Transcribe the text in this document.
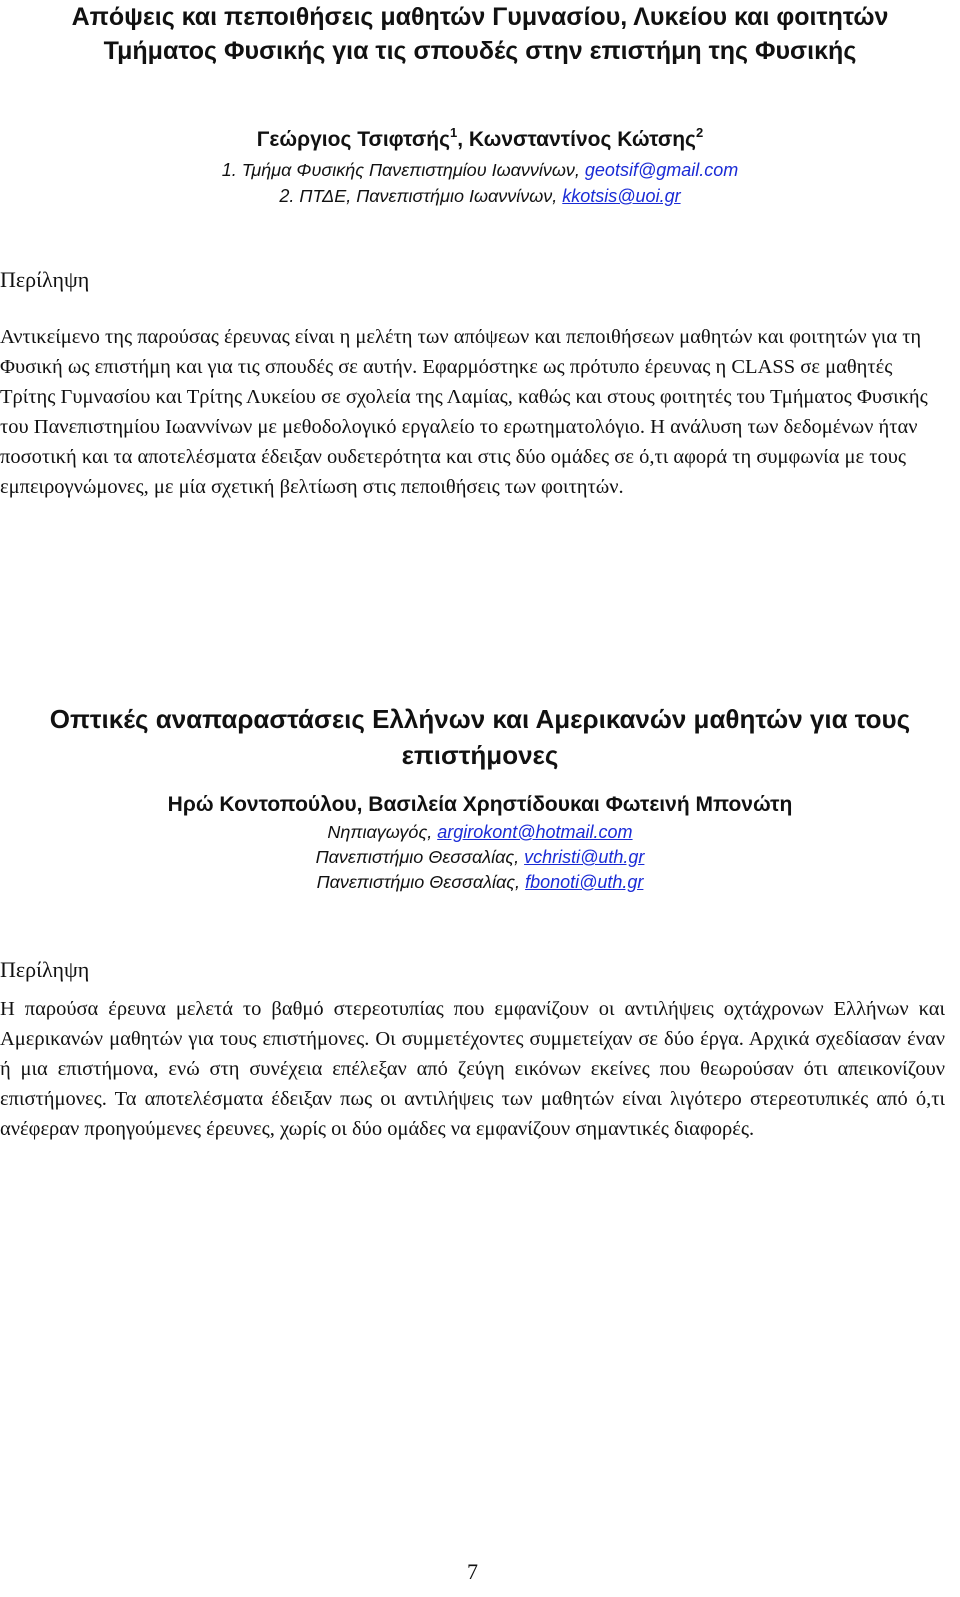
Απόψεις και πεποιθήσεις μαθητών Γυμνασίου, Λυκείου και φοιτητών Τμήματος Φυσικής για τις σπουδές στην επιστήμη της Φυσικής
Γεώργιος Τσιφτσής$^1$, Κωνσταντίνος Κώτσης$^2$
1. Τμήμα Φυσικής Πανεπιστημίου Ιωαννίνων, geotsif@gmail.com
2. ΠΤΔΕ, Πανεπιστήμιο Ιωαννίνων, kkotsis@uoi.gr
Περίληψη

Αντικείμενο της παρούσας έρευνας είναι η μελέτη των απόψεων και πεποιθήσεων μαθητών και φοιτητών για τη Φυσική ως επιστήμη και για τις σπουδές σε αυτήν. Εφαρμόστηκε ως πρότυπο έρευνας η CLASS σε μαθητές Τρίτης Γυμνασίου και Τρίτης Λυκείου σε σχολεία της Λαμίας, καθώς και στους φοιτητές του Τμήματος Φυσικής του Πανεπιστημίου Ιωαννίνων με μεθοδολογικό εργαλείο το ερωτηματολόγιο. Η ανάλυση των δεδομένων ήταν ποσοτική και τα αποτελέσματα έδειξαν ουδετερότητα και στις δύο ομάδες σε ό,τι αφορά τη συμφωνία με τους εμπειρογνώμονες, με μία σχετική βελτίωση στις πεποιθήσεις των φοιτητών.

Οπτικές αναπαραστάσεις Ελλήνων και Αμερικανών μαθητών για τους επιστήμονες
Ηρώ Κοντοπούλου, Βασιλεία Χρηστίδουκαι Φωτεινή Μπονώτη
Νηπιαγωγός, argirokont@hotmail.com
Πανεπιστήμιο Θεσσαλίας, vchristi@uth.gr
Πανεπιστήμιο Θεσσαλίας, fbonoti@uth.gr
Περίληψη

Η παρούσα έρευνα μελετά το βαθμό στερεοτυπίας που εμφανίζουν οι αντιλήψεις οχτάχρονων Ελλήνων και Αμερικανών μαθητών για τους επιστήμονες. Οι συμμετέχοντες συμμετείχαν σε δύο έργα. Αρχικά σχεδίασαν έναν ή μια επιστήμονα, ενώ στη συνέχεια επέλεξαν από ζεύγη εικόνων εκείνες που θεωρούσαν ότι απεικονίζουν επιστήμονες. Τα αποτελέσματα έδειξαν πως οι αντιλήψεις των μαθητών είναι λιγότερο στερεοτυπικές από ό,τι ανέφεραν προηγούμενες έρευνες, χωρίς οι δύο ομάδες να εμφανίζουν σημαντικές διαφορές.

7
